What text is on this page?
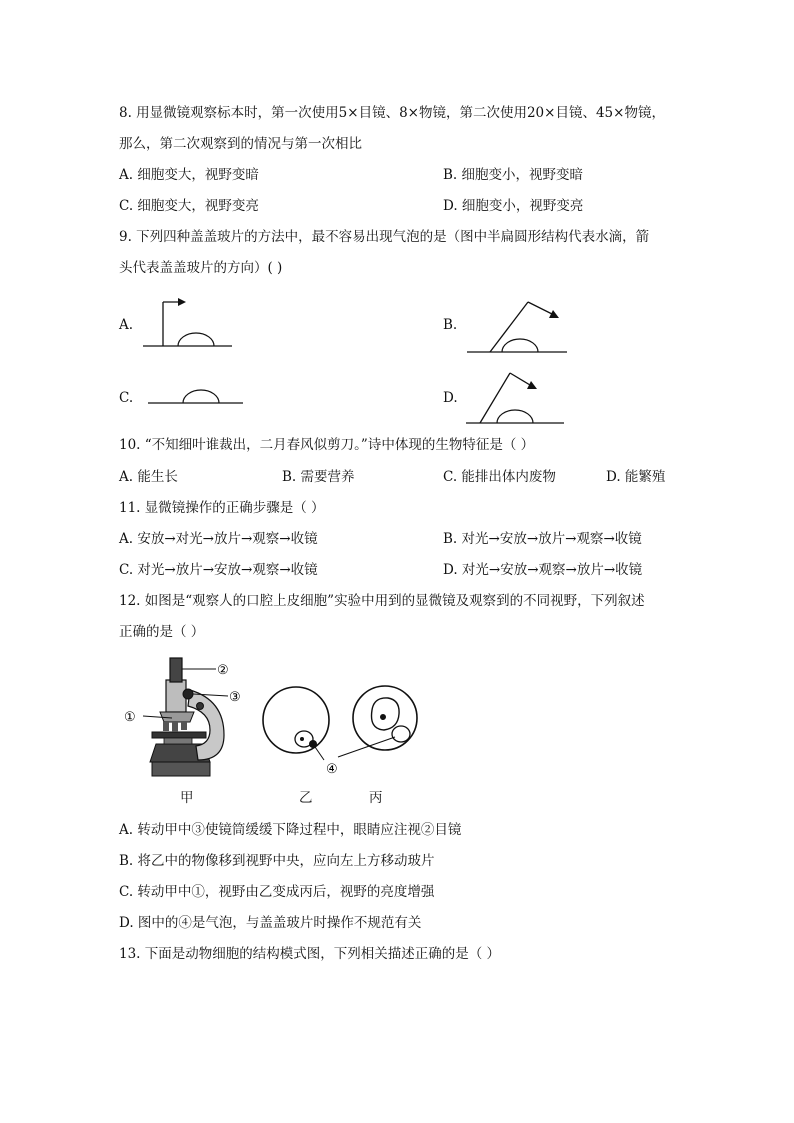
8. 用显微镜观察标本时，第一次使用5×目镜、8×物镜，第二次使用20×目镜、45×物镜，
那么，第二次观察到的情况与第一次相比
A. 细胞变大，视野变暗	B. 细胞变小，视野变暗
C. 细胞变大，视野变亮	D. 细胞变小，视野变亮
9. 下列四种盖盖玻片的方法中，最不容易出现气泡的是（图中半扁圆形结构代表水滴，箭
头代表盖盖玻片的方向）( )
A.	B.
C.	D.
10. “不知细叶谁裁出，二月春风似剪刀。”诗中体现的生物特征是（ ）
A. 能生长	B. 需要营养	C. 能排出体内废物	D. 能繁殖
11. 显微镜操作的正确步骤是（ ）
A. 安放→对光→放片→观察→收镜	B. 对光→安放→放片→观察→收镜
C. 对光→放片→安放→观察→收镜	D. 对光→安放→观察→放片→收镜
12. 如图是“观察人的口腔上皮细胞”实验中用到的显微镜及观察到的不同视野，下列叙述
正确的是（ ）
②
③
①
④
甲	乙	丙
A. 转动甲中③使镜筒缓缓下降过程中，眼睛应注视②目镜
B. 将乙中的物像移到视野中央，应向左上方移动玻片
C. 转动甲中①，视野由乙变成丙后，视野的亮度增强
D. 图中的④是气泡，与盖盖玻片时操作不规范有关
13. 下面是动物细胞的结构模式图，下列相关描述正确的是（ ）
